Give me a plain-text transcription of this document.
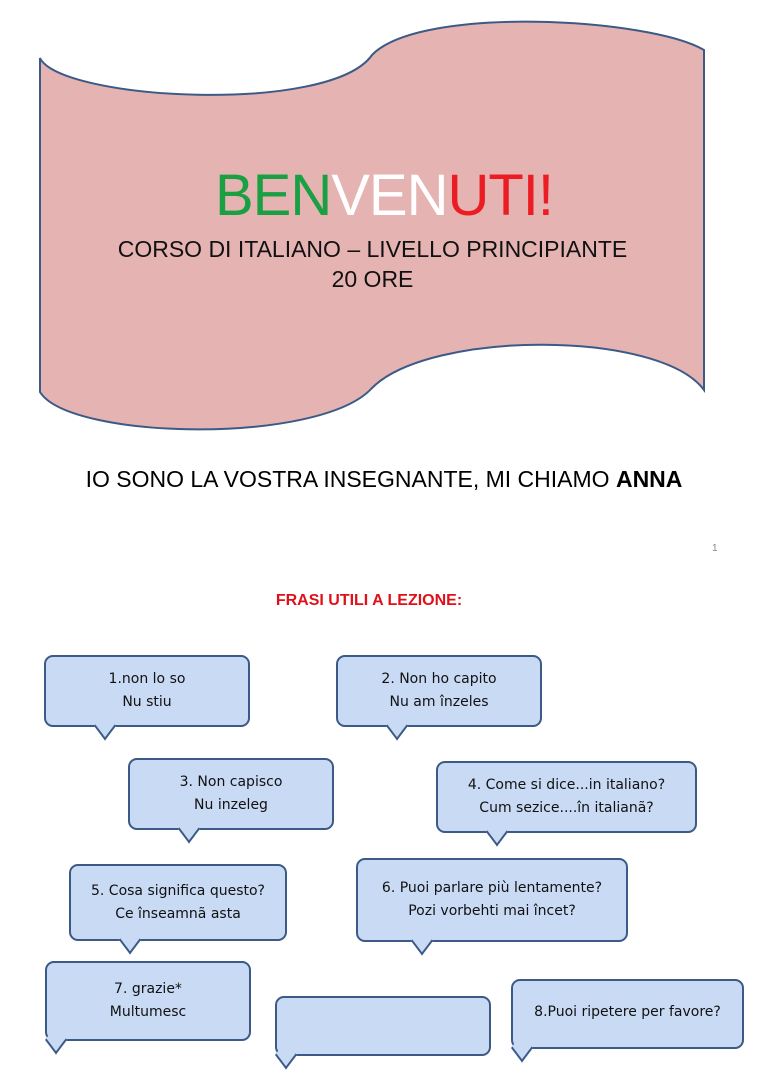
BENVENUTI!
CORSO DI ITALIANO – LIVELLO PRINCIPIANTE
20 ORE
IO SONO LA VOSTRA INSEGNANTE, MI CHIAMO ANNA
1
FRASI UTILI A LEZIONE:
1.non lo so
Nu stiu
2. Non ho capito
Nu am înzeles
3. Non capisco
Nu inzeleg
4. Come si dice...in italiano?
Cum sezice....în italianã?
5. Cosa significa questo?
Ce înseamnã asta
6. Puoi parlare più lentamente?
Pozi vorbehti mai încet?
7. grazie*
Multumesc	8.Puoi ripetere per favore?
